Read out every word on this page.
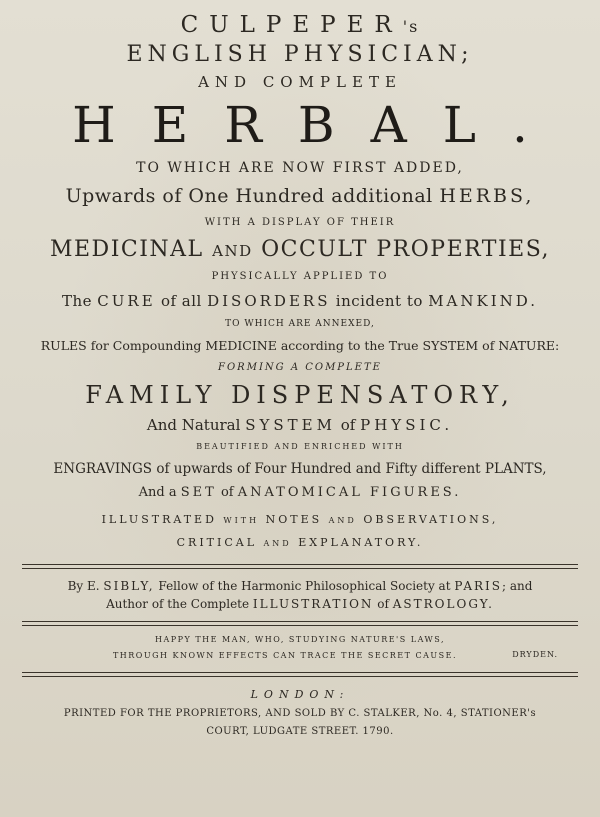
CULPEPER's
ENGLISH PHYSICIAN;
AND COMPLETE
HERBAL.
TO WHICH ARE NOW FIRST ADDED,
Upwards of One Hundred additional HERBS,
WITH A DISPLAY OF THEIR
MEDICINAL AND OCCULT PROPERTIES,
PHYSICALLY APPLIED TO
The CURE of all DISORDERS incident to MANKIND.
TO WHICH ARE ANNEXED,
RULES for Compounding MEDICINE according to the True SYSTEM of NATURE:
FORMING A COMPLETE
FAMILY DISPENSATORY,
And Natural SYSTEM of PHYSIC.
BEAUTIFIED AND ENRICHED WITH
ENGRAVINGS of upwards of Four Hundred and Fifty different PLANTS,
And a SET of ANATOMICAL FIGURES.
ILLUSTRATED WITH NOTES AND OBSERVATIONS,
CRITICAL AND EXPLANATORY.
By E. SIBLY, Fellow of the Harmonic Philosophical Society at PARIS; and
Author of the Complete ILLUSTRATION of ASTROLOGY.
HAPPY THE MAN, WHO, STUDYING NATURE'S LAWS,
THROUGH KNOWN EFFECTS CAN TRACE THE SECRET CAUSE.	DRYDEN.
LONDON:
PRINTED FOR THE PROPRIETORS, AND SOLD BY C. STALKER, No. 4, STATIONER's
COURT, LUDGATE STREET. 1790.
